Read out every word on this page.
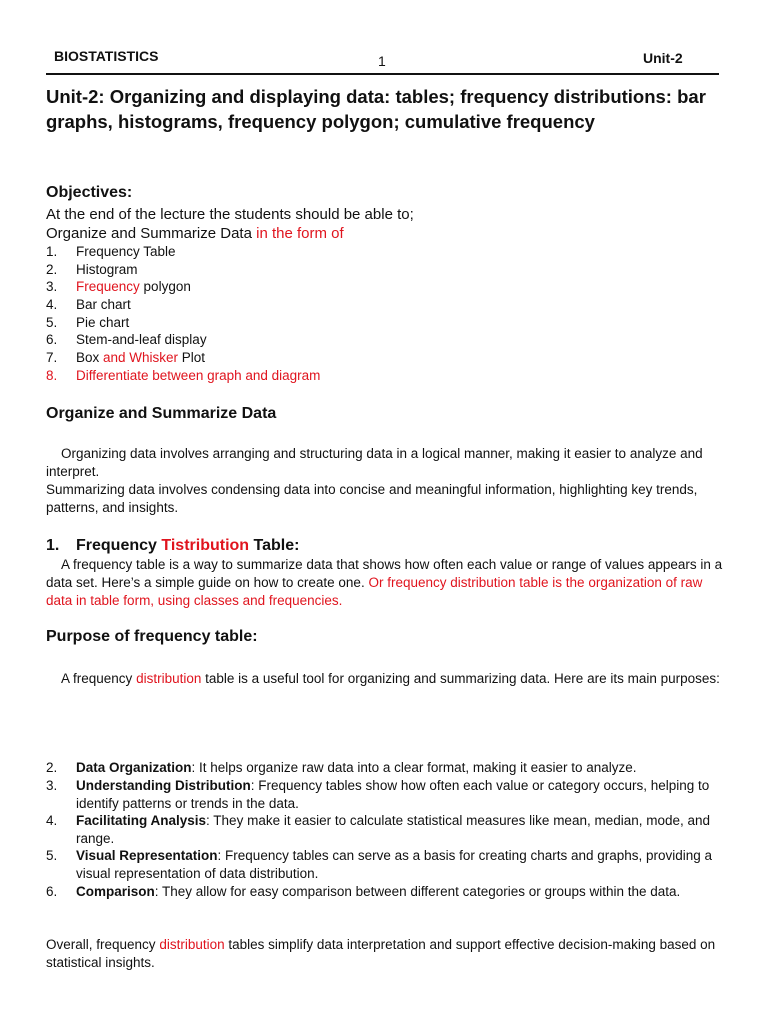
BIOSTATISTICS	1	Unit-2
Unit-2: Organizing and displaying data: tables; frequency distributions: bar graphs, histograms, frequency polygon; cumulative frequency
Objectives:
At the end of the lecture the students should be able to;
Organize and Summarize Data in the form of
1. Frequency Table
2. Histogram
3. Frequency polygon
4. Bar chart
5. Pie chart
6. Stem-and-leaf display
7. Box and Whisker Plot
8. Differentiate between graph and diagram
Organize and Summarize Data
Organizing data involves arranging and structuring data in a logical manner, making it easier to analyze and interpret.
Summarizing data involves condensing data into concise and meaningful information, highlighting key trends, patterns, and insights.
1. Frequency Tistribution Table:
A frequency table is a way to summarize data that shows how often each value or range of values appears in a data set. Here’s a simple guide on how to create one. Or frequency distribution table is the organization of raw data in table form, using classes and frequencies.
Purpose of frequency table:
A frequency distribution table is a useful tool for organizing and summarizing data. Here are its main purposes:
2.	Data Organization: It helps organize raw data into a clear format, making it easier to analyze.
3.	Understanding Distribution: Frequency tables show how often each value or category occurs, helping to identify patterns or trends in the data.
4.	Facilitating Analysis: They make it easier to calculate statistical measures like mean, median, mode, and range.
5.	Visual Representation: Frequency tables can serve as a basis for creating charts and graphs, providing a visual representation of data distribution.
6.	Comparison: They allow for easy comparison between different categories or groups within the data.
Overall, frequency distribution tables simplify data interpretation and support effective decision-making based on statistical insights.
